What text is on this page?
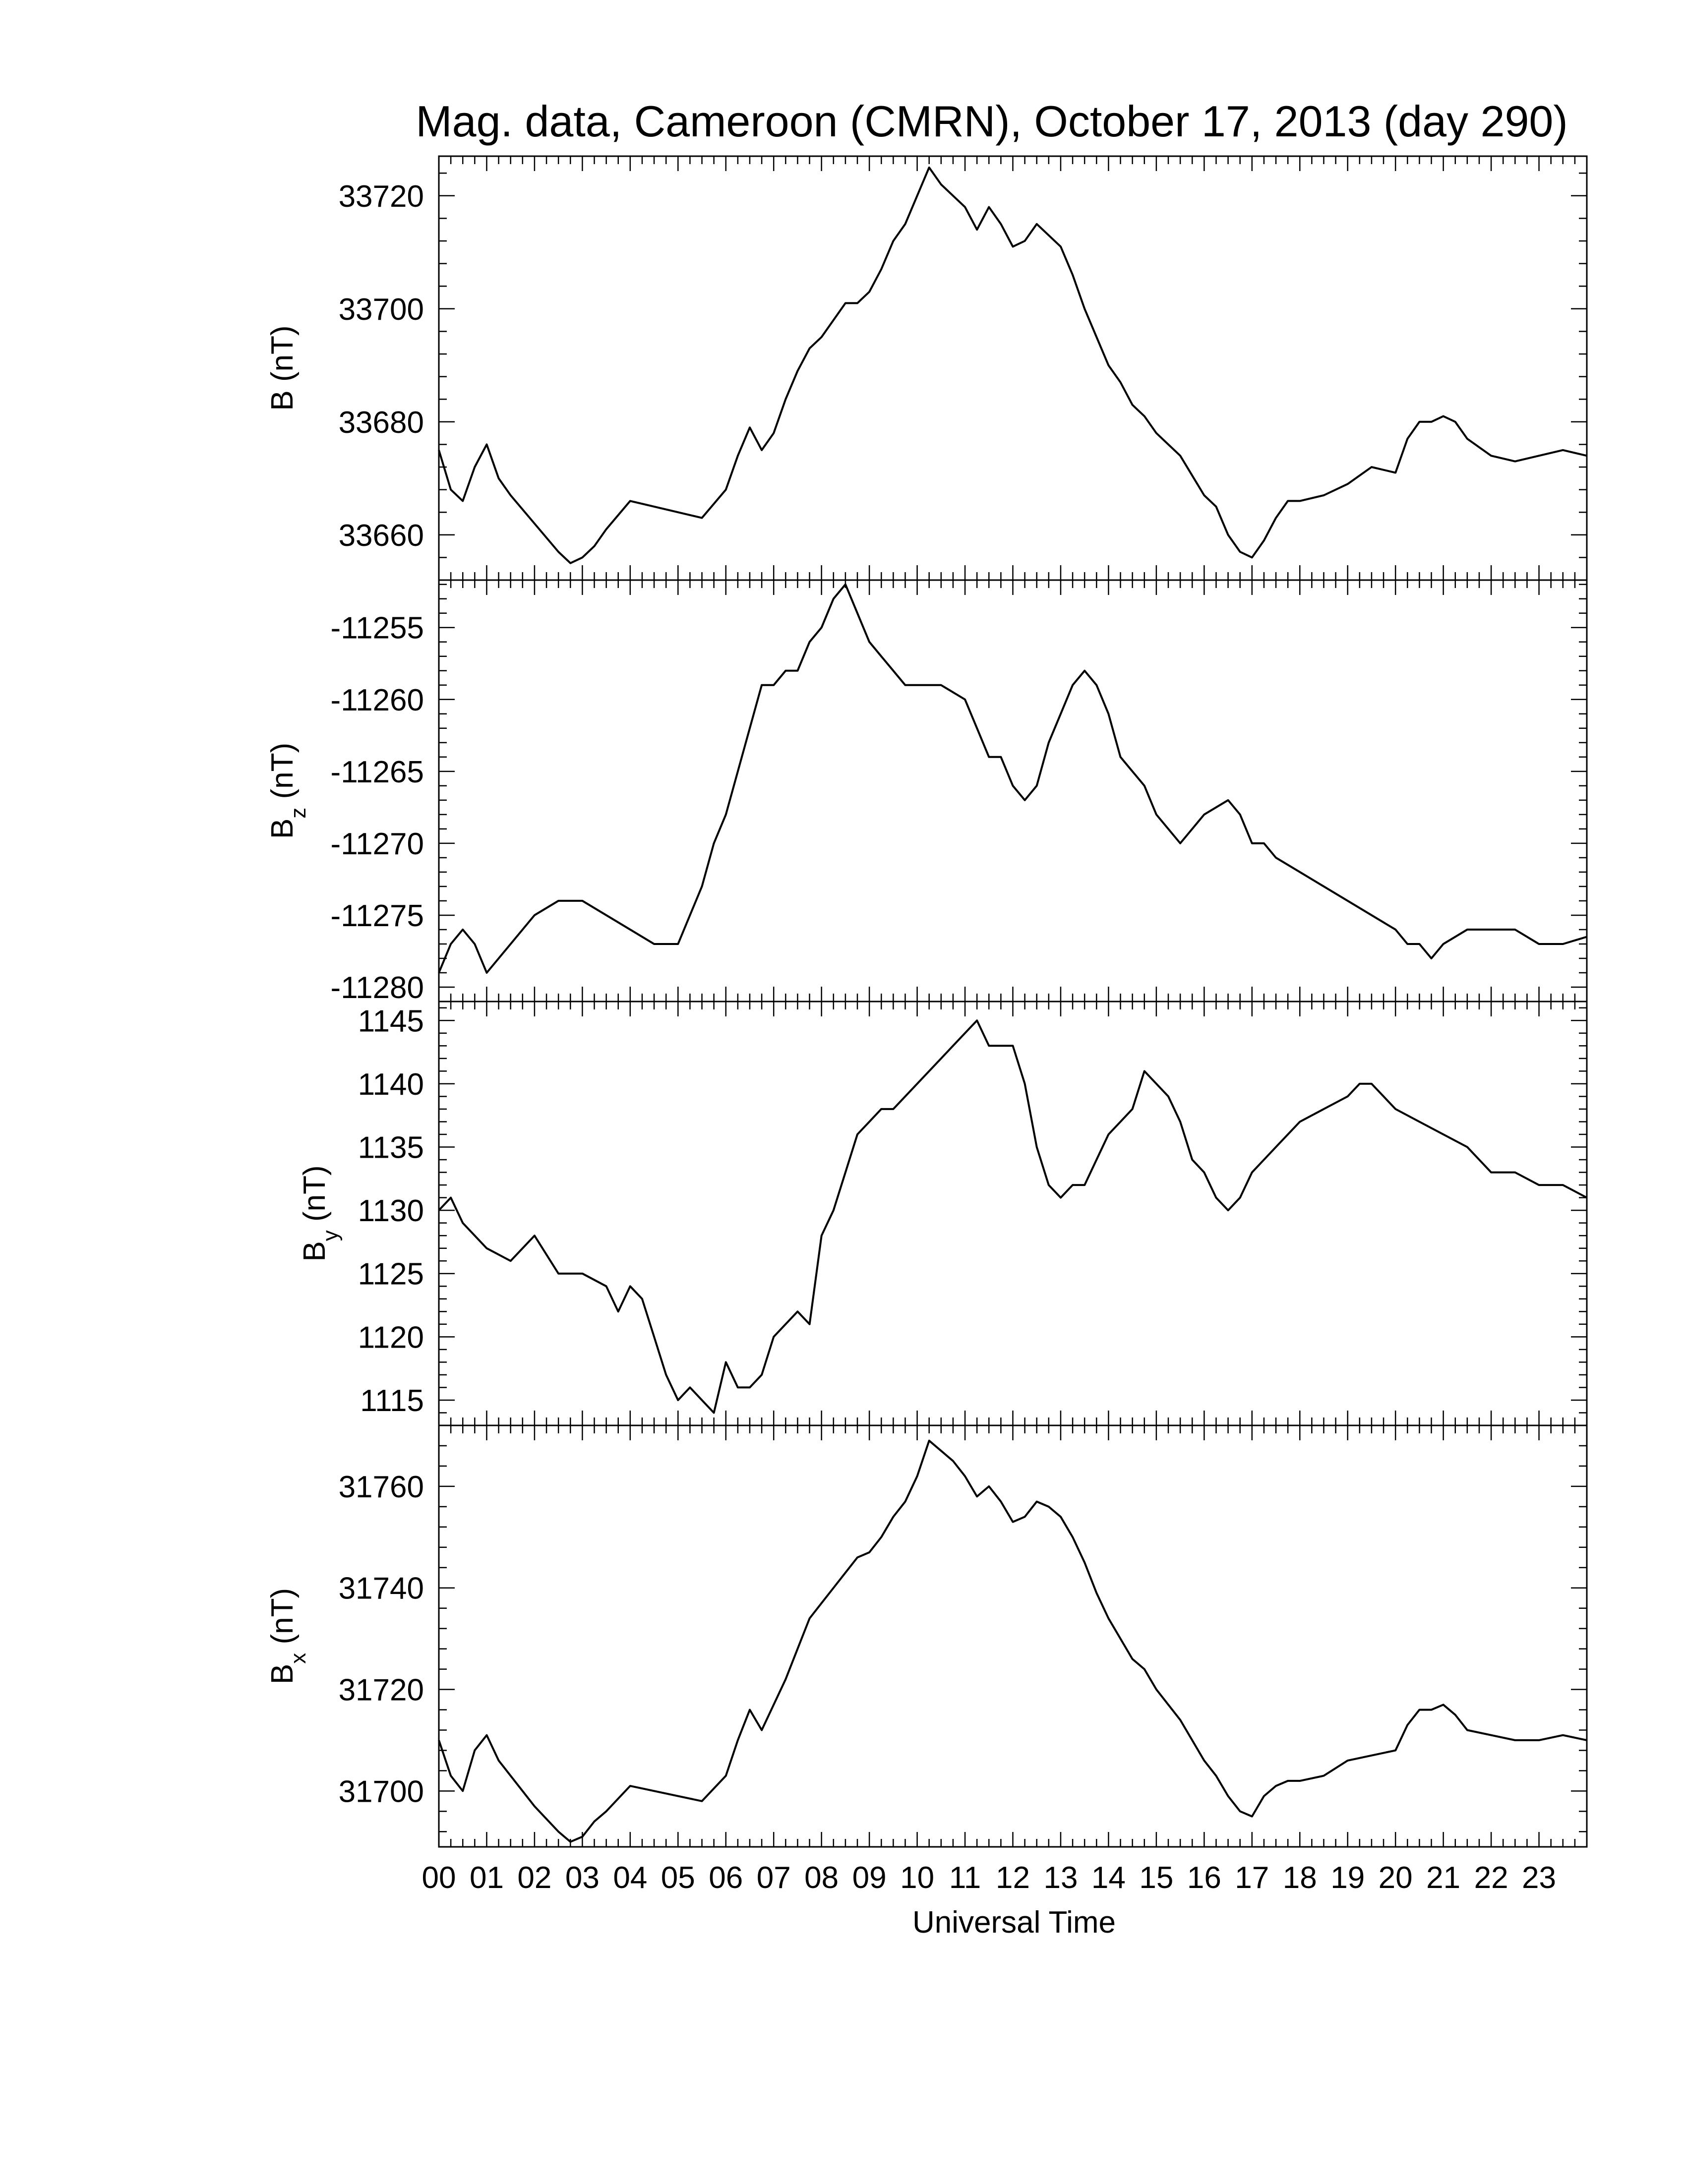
Mag. data, Cameroon (CMRN), October 17, 2013 (day 290)
Universal Time
33660
33680
33700
33720
B (nT)
-11280
-11275
-11270
-11265
-11260
-11255
$B_z$ (nT)
1115
1120
1125
1130
1135
1140
1145
$B_y$ (nT)
31700
31720
31740
31760
$B_x$ (nT)
00 01 02 03 04 05 06 07 08 09 10 11 12 13 14 15 16 17 18 19 20 21 22 23
